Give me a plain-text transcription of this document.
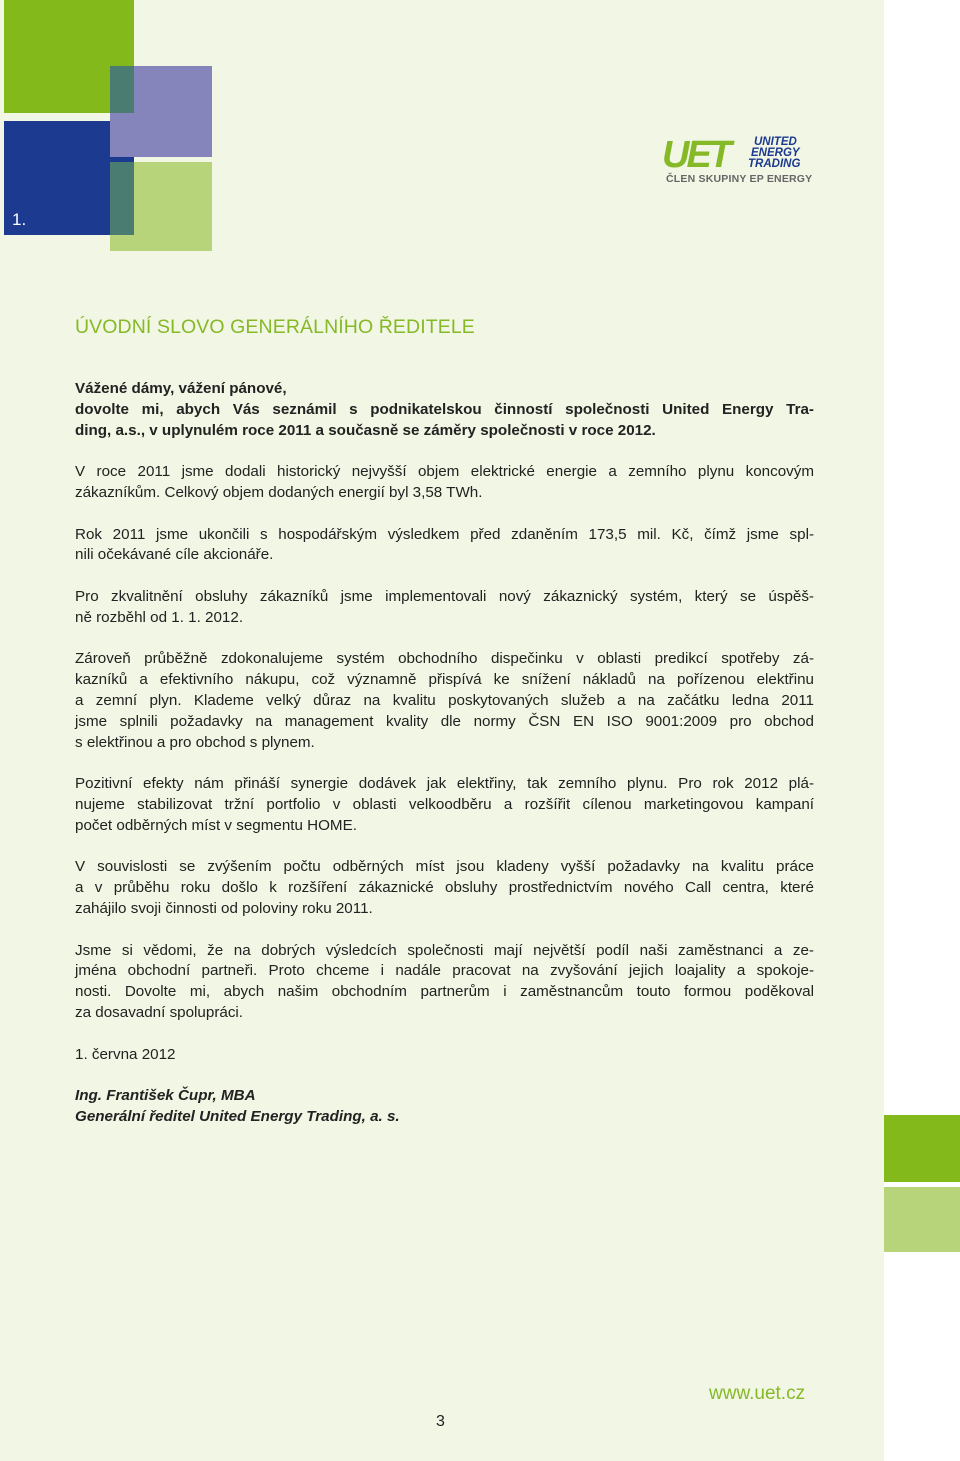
1.
UET	UNITED
ENERGY
TRADING
ČLEN SKUPINY EP ENERGY
ÚVODNÍ SLOVO GENERÁLNÍHO ŘEDITELE

Vážené dámy, vážení pánové,
dovolte mi, abych Vás seznámil s podnikatelskou činností společnosti United Energy Tra-
ding, a.s., v uplynulém roce 2011 a současně se záměry společnosti v roce 2012.

V roce 2011 jsme dodali historický nejvyšší objem elektrické energie a zemního plynu koncovým
zákazníkům. Celkový objem dodaných energií byl 3,58 TWh.

Rok 2011 jsme ukončili s hospodářským výsledkem před zdaněním 173,5 mil. Kč, čímž jsme spl-
nili očekávané cíle akcionáře.

Pro zkvalitnění obsluhy zákazníků jsme implementovali nový zákaznický systém, který se úspěš-
ně rozběhl od 1. 1. 2012.

Zároveň průběžně zdokonalujeme systém obchodního dispečinku v oblasti predikcí spotřeby zá-
kazníků a efektivního nákupu, což významně přispívá ke snížení nákladů na pořízenou elektřinu
a zemní plyn. Klademe velký důraz na kvalitu poskytovaných služeb a na začátku ledna 2011
jsme splnili požadavky na management kvality dle normy ČSN EN ISO 9001:2009 pro obchod
s elektřinou a pro obchod s plynem.

Pozitivní efekty nám přináší synergie dodávek jak elektřiny, tak zemního plynu. Pro rok 2012 plá-
nujeme stabilizovat tržní portfolio v oblasti velkoodběru a rozšířit cílenou marketingovou kampaní
počet odběrných míst v segmentu HOME.

V souvislosti se zvýšením počtu odběrných míst jsou kladeny vyšší požadavky na kvalitu práce
a v průběhu roku došlo k rozšíření zákaznické obsluhy prostřednictvím nového Call centra, které
zahájilo svoji činnosti od poloviny roku 2011.

Jsme si vědomi, že na dobrých výsledcích společnosti mají největší podíl naši zaměstnanci a ze-
jména obchodní partneři. Proto chceme i nadále pracovat na zvyšování jejich loajality a spokoje-
nosti. Dovolte mi, abych našim obchodním partnerům i zaměstnancům touto formou poděkoval
za dosavadní spolupráci.

1. června 2012

Ing. František Čupr, MBA

Generální ředitel United Energy Trading, a. s.

www.uet.cz
3
